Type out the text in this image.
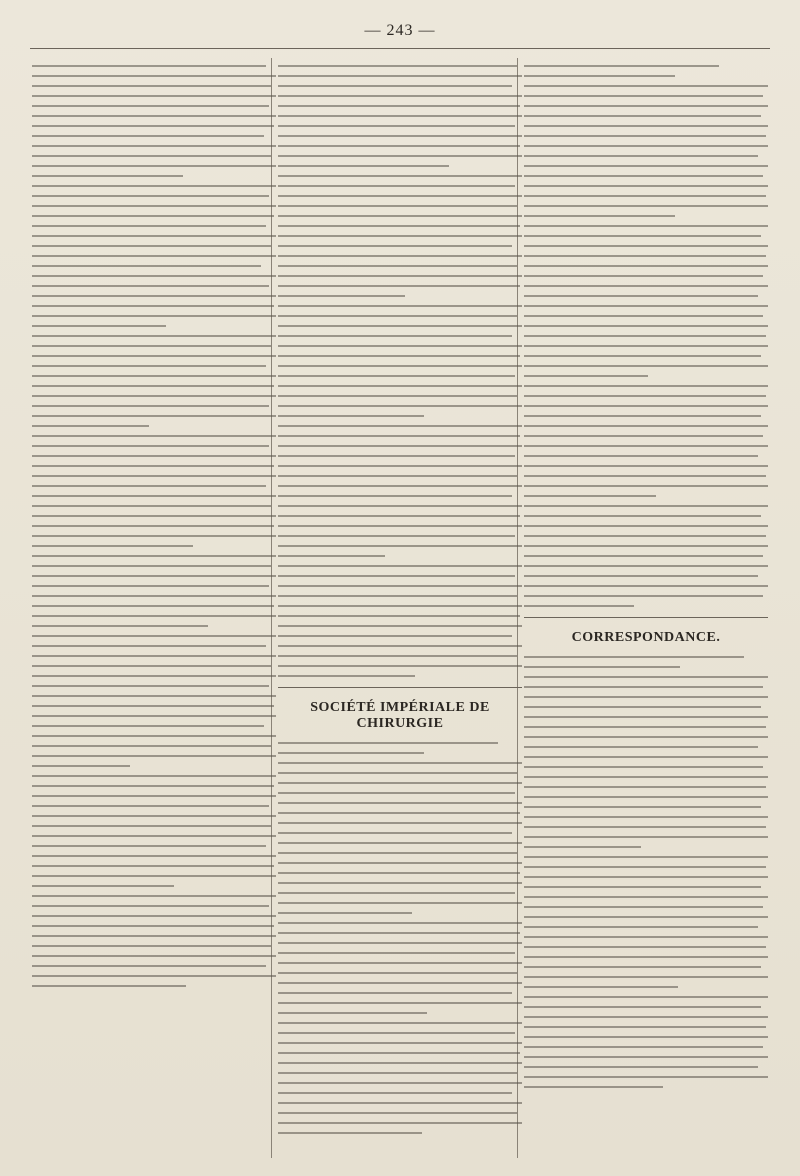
— 243 —
SOCIÉTÉ IMPÉRIALE DE CHIRURGIE
CORRESPONDANCE.
